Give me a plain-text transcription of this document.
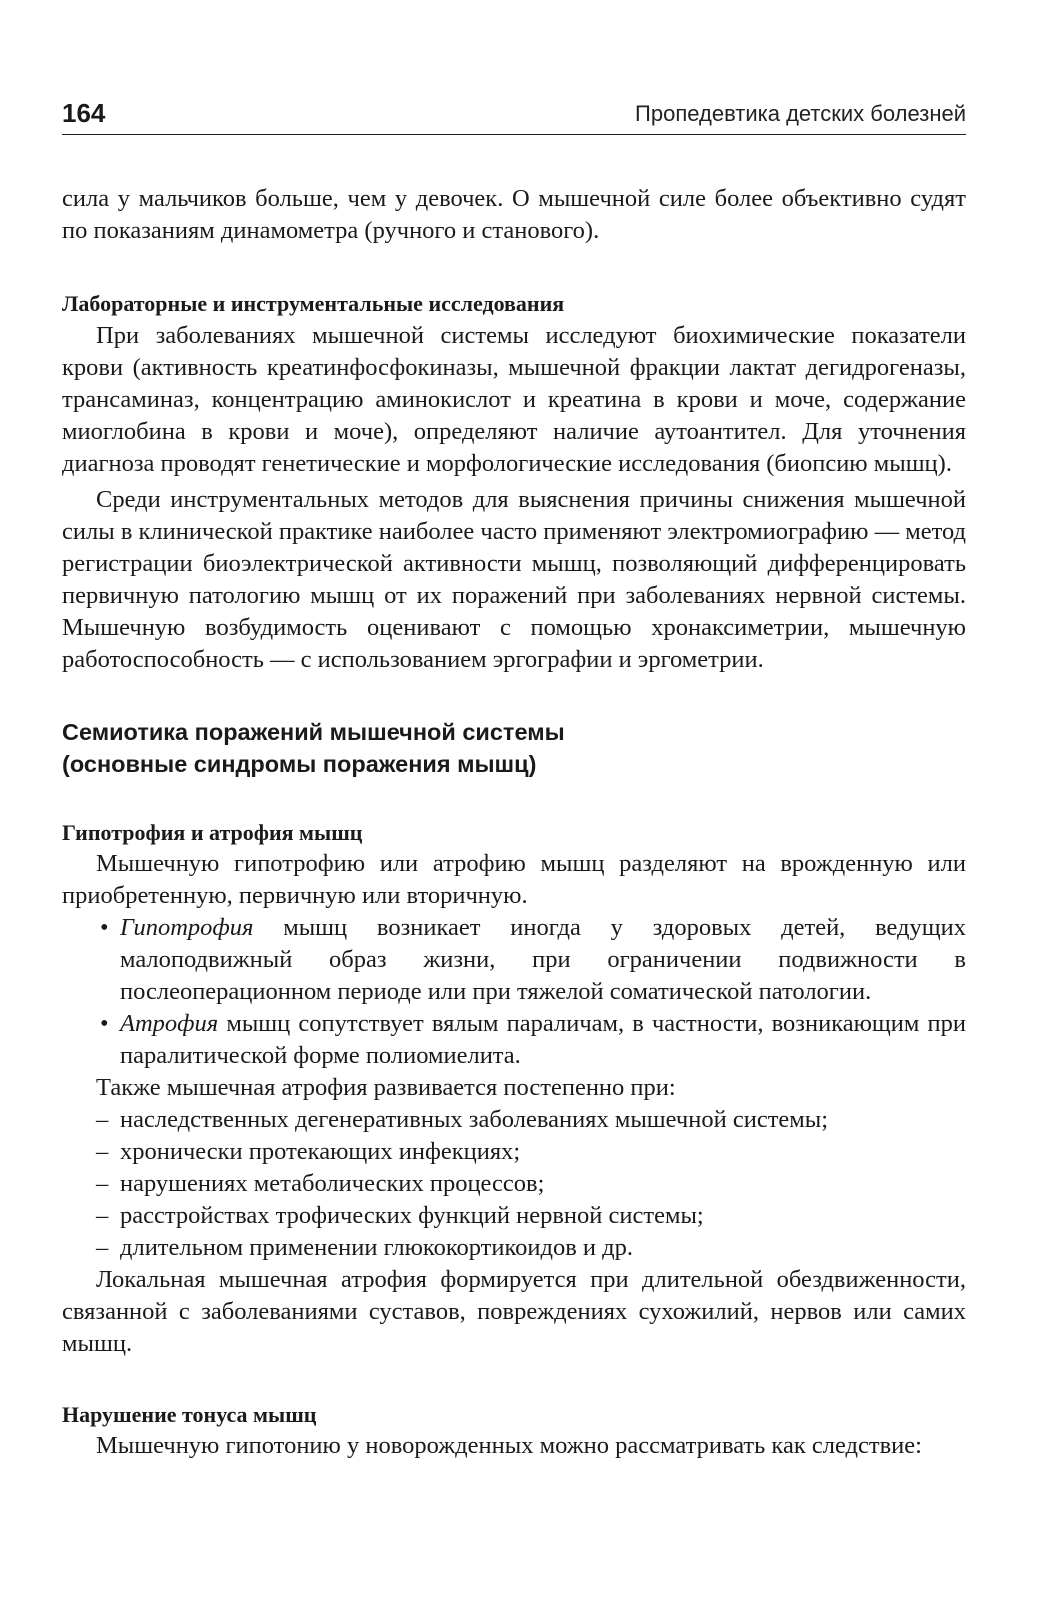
164	Пропедевтика детских болезней

сила у мальчиков больше, чем у девочек. О мышечной силе более объективно судят по показаниям динамометра (ручного и станового).

Лабораторные и инструментальные исследования

При заболеваниях мышечной системы исследуют биохимические показатели крови (активность креатинфосфокиназы, мышечной фракции лактат дегидрогеназы, трансаминаз, концентрацию аминокислот и креатина в крови и моче, содержание миоглобина в крови и моче), определяют наличие аутоантител. Для уточнения диагноза проводят генетические и морфологические исследования (биопсию мышц).

Среди инструментальных методов для выяснения причины снижения мышечной силы в клинической практике наиболее часто применяют электромиографию — метод регистрации биоэлектрической активности мышц, позволяющий дифференцировать первичную патологию мышц от их поражений при заболеваниях нервной системы. Мышечную возбудимость оценивают с помощью хронаксиметрии, мышечную работоспособность — с использованием эргографии и эргометрии.

Семиотика поражений мышечной системы
(основные синдромы поражения мышц)
Гипотрофия и атрофия мышц

Мышечную гипотрофию или атрофию мышц разделяют на врожденную или приобретенную, первичную или вторичную.

• Гипотрофия мышц возникает иногда у здоровых детей, ведущих малоподвижный образ жизни, при ограничении подвижности в послеоперационном периоде или при тяжелой соматической патологии.
• Атрофия мышц сопутствует вялым параличам, в частности, возникающим при паралитической форме полиомиелита.

Также мышечная атрофия развивается постепенно при:

– наследственных дегенеративных заболеваниях мышечной системы;
– хронически протекающих инфекциях;
– нарушениях метаболических процессов;
– расстройствах трофических функций нервной системы;
– длительном применении глюкокортикоидов и др.

Локальная мышечная атрофия формируется при длительной обездвиженности, связанной с заболеваниями суставов, повреждениях сухожилий, нервов или самих мышц.

Нарушение тонуса мышц

Мышечную гипотонию у новорожденных можно рассматривать как следствие:
